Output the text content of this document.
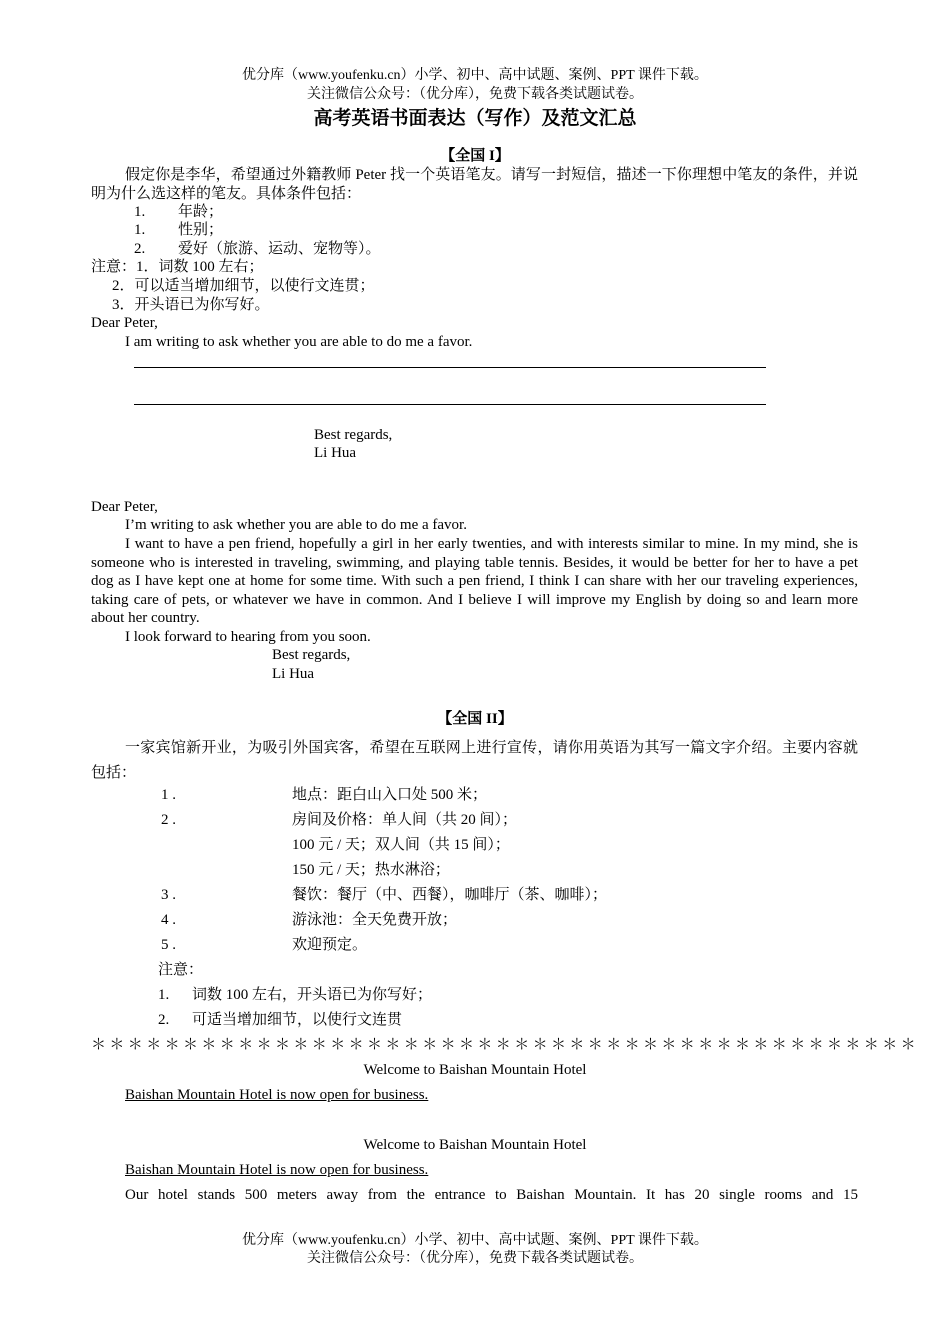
优分库（www.youfenku.cn）小学、初中、高中试题、案例、PPT 课件下载。
关注微信公众号：（优分库），免费下载各类试题试卷。
高考英语书面表达（写作）及范文汇总
【全国 I】
假定你是李华，希望通过外籍教师 Peter 找一个英语笔友。请写一封短信，描述一下你理想中笔友的条件，并说明为什么选这样的笔友。具体条件包括：
1. 年龄；
1. 性别；
2. 爱好（旅游、运动、宠物等）。
注意：1．词数 100 左右；
2．可以适当增加细节，以使行文连贯；
3．开头语已为你写好。
Dear Peter,
I am writing to ask whether you are able to do me a favor.
Best regards,
Li Hua
Dear Peter,
I’m writing to ask whether you are able to do me a favor.
I want to have a pen friend, hopefully a girl in her early twenties, and with interests similar to mine. In my mind, she is someone who is interested in traveling, swimming, and playing table tennis. Besides, it would be better for her to have a pet dog as I have kept one at home for some time. With such a pen friend, I think I can share with her our traveling experiences, taking care of pets, or whatever we have in common. And I believe I will improve my English by doing so and learn more about her country.
I look forward to hearing from you soon.
Best regards,
Li Hua
【全国 II】
一家宾馆新开业，为吸引外国宾客，希望在互联网上进行宣传，请你用英语为其写一篇文字介绍。主要内容就包括：
1 .	地点：距白山入口处 500 米；
2 .	房间及价格：单人间（共 20 间）；
100 元 / 天；双人间（共 15 间）；
150 元 / 天；热水淋浴；
3 .	餐饮：餐厅（中、西餐），咖啡厅（茶、咖啡）；
4 .	游泳池：全天免费开放；
5 .	欢迎预定。
注意：
1. 词数 100 左右，开头语已为你写好；
2. 可适当增加细节，以使行文连贯
＊＊＊＊＊＊＊＊＊＊＊＊＊＊＊＊＊＊＊＊＊＊＊＊＊＊＊＊＊＊＊＊＊＊＊＊＊＊＊＊＊＊＊＊＊
Welcome to Baishan Mountain Hotel
Baishan Mountain Hotel is now open for business.
Welcome to Baishan Mountain Hotel
Baishan Mountain Hotel is now open for business.
Our hotel stands 500 meters away from the entrance to Baishan Mountain. It has 20 single rooms and 15
优分库（www.youfenku.cn）小学、初中、高中试题、案例、PPT 课件下载。
关注微信公众号：（优分库），免费下载各类试题试卷。
